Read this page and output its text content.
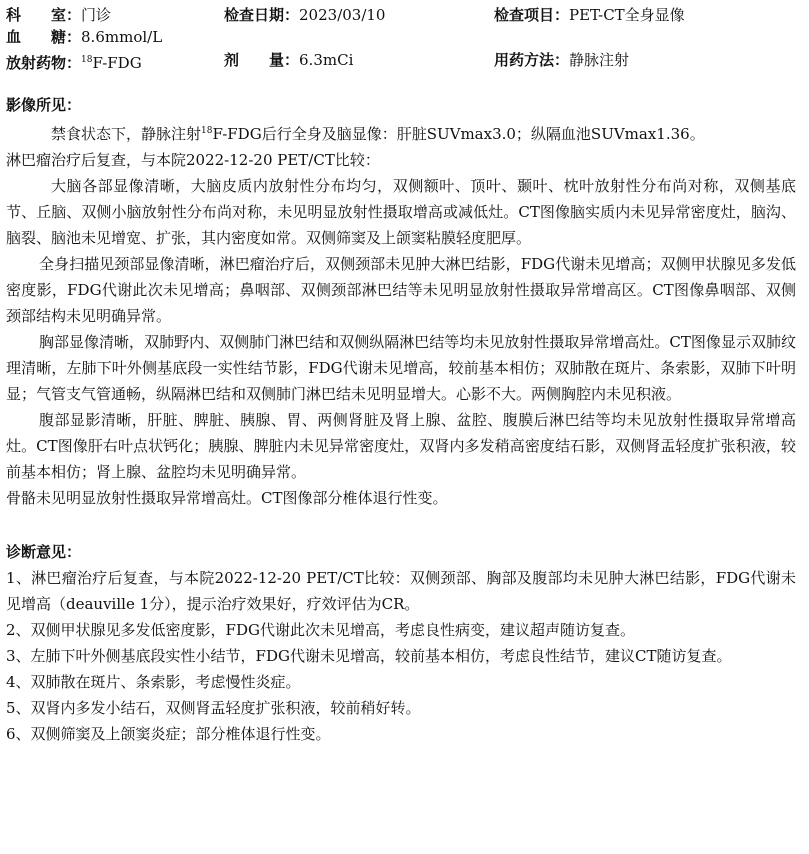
科　　室：门诊	检查日期：2023/03/10	检查项目：PET-CT全身显像
血　　糖：8.6mmol/L
放射药物：$^{18}$F-FDG	剂　　量：6.3mCi	用药方法：静脉注射
影像所见：

禁食状态下，静脉注射$^{18}$F-FDG后行全身及脑显像：肝脏SUVmax3.0；纵隔血池SUVmax1.36。

淋巴瘤治疗后复查，与本院2022-12-20 PET/CT比较：

大脑各部显像清晰，大脑皮质内放射性分布均匀，双侧额叶、顶叶、颞叶、枕叶放射性分布尚对称，双侧基底节、丘脑、双侧小脑放射性分布尚对称，未见明显放射性摄取增高或减低灶。CT图像脑实质内未见异常密度灶，脑沟、脑裂、脑池未见增宽、扩张，其内密度如常。双侧筛窦及上颌窦粘膜轻度肥厚。

全身扫描见颈部显像清晰，淋巴瘤治疗后，双侧颈部未见肿大淋巴结影，FDG代谢未见增高；双侧甲状腺见多发低密度影，FDG代谢此次未见增高；鼻咽部、双侧颈部淋巴结等未见明显放射性摄取异常增高区。CT图像鼻咽部、双侧颈部结构未见明确异常。

胸部显像清晰，双肺野内、双侧肺门淋巴结和双侧纵隔淋巴结等均未见放射性摄取异常增高灶。CT图像显示双肺纹理清晰，左肺下叶外侧基底段一实性结节影，FDG代谢未见增高，较前基本相仿；双肺散在斑片、条索影，双肺下叶明显；气管支气管通畅，纵隔淋巴结和双侧肺门淋巴结未见明显增大。心影不大。两侧胸腔内未见积液。

腹部显影清晰，肝脏、脾脏、胰腺、胃、两侧肾脏及肾上腺、盆腔、腹膜后淋巴结等均未见放射性摄取异常增高灶。CT图像肝右叶点状钙化；胰腺、脾脏内未见异常密度灶，双肾内多发稍高密度结石影，双侧肾盂轻度扩张积液，较前基本相仿；肾上腺、盆腔均未见明确异常。

骨骼未见明显放射性摄取异常增高灶。CT图像部分椎体退行性变。

诊断意见：

1、淋巴瘤治疗后复查，与本院2022-12-20 PET/CT比较：双侧颈部、胸部及腹部均未见肿大淋巴结影，FDG代谢未见增高（deauville 1分），提示治疗效果好，疗效评估为CR。

2、双侧甲状腺见多发低密度影，FDG代谢此次未见增高，考虑良性病变，建议超声随访复查。

3、左肺下叶外侧基底段实性小结节，FDG代谢未见增高，较前基本相仿，考虑良性结节，建议CT随访复查。

4、双肺散在斑片、条索影，考虑慢性炎症。

5、双肾内多发小结石，双侧肾盂轻度扩张积液，较前稍好转。

6、双侧筛窦及上颌窦炎症；部分椎体退行性变。
